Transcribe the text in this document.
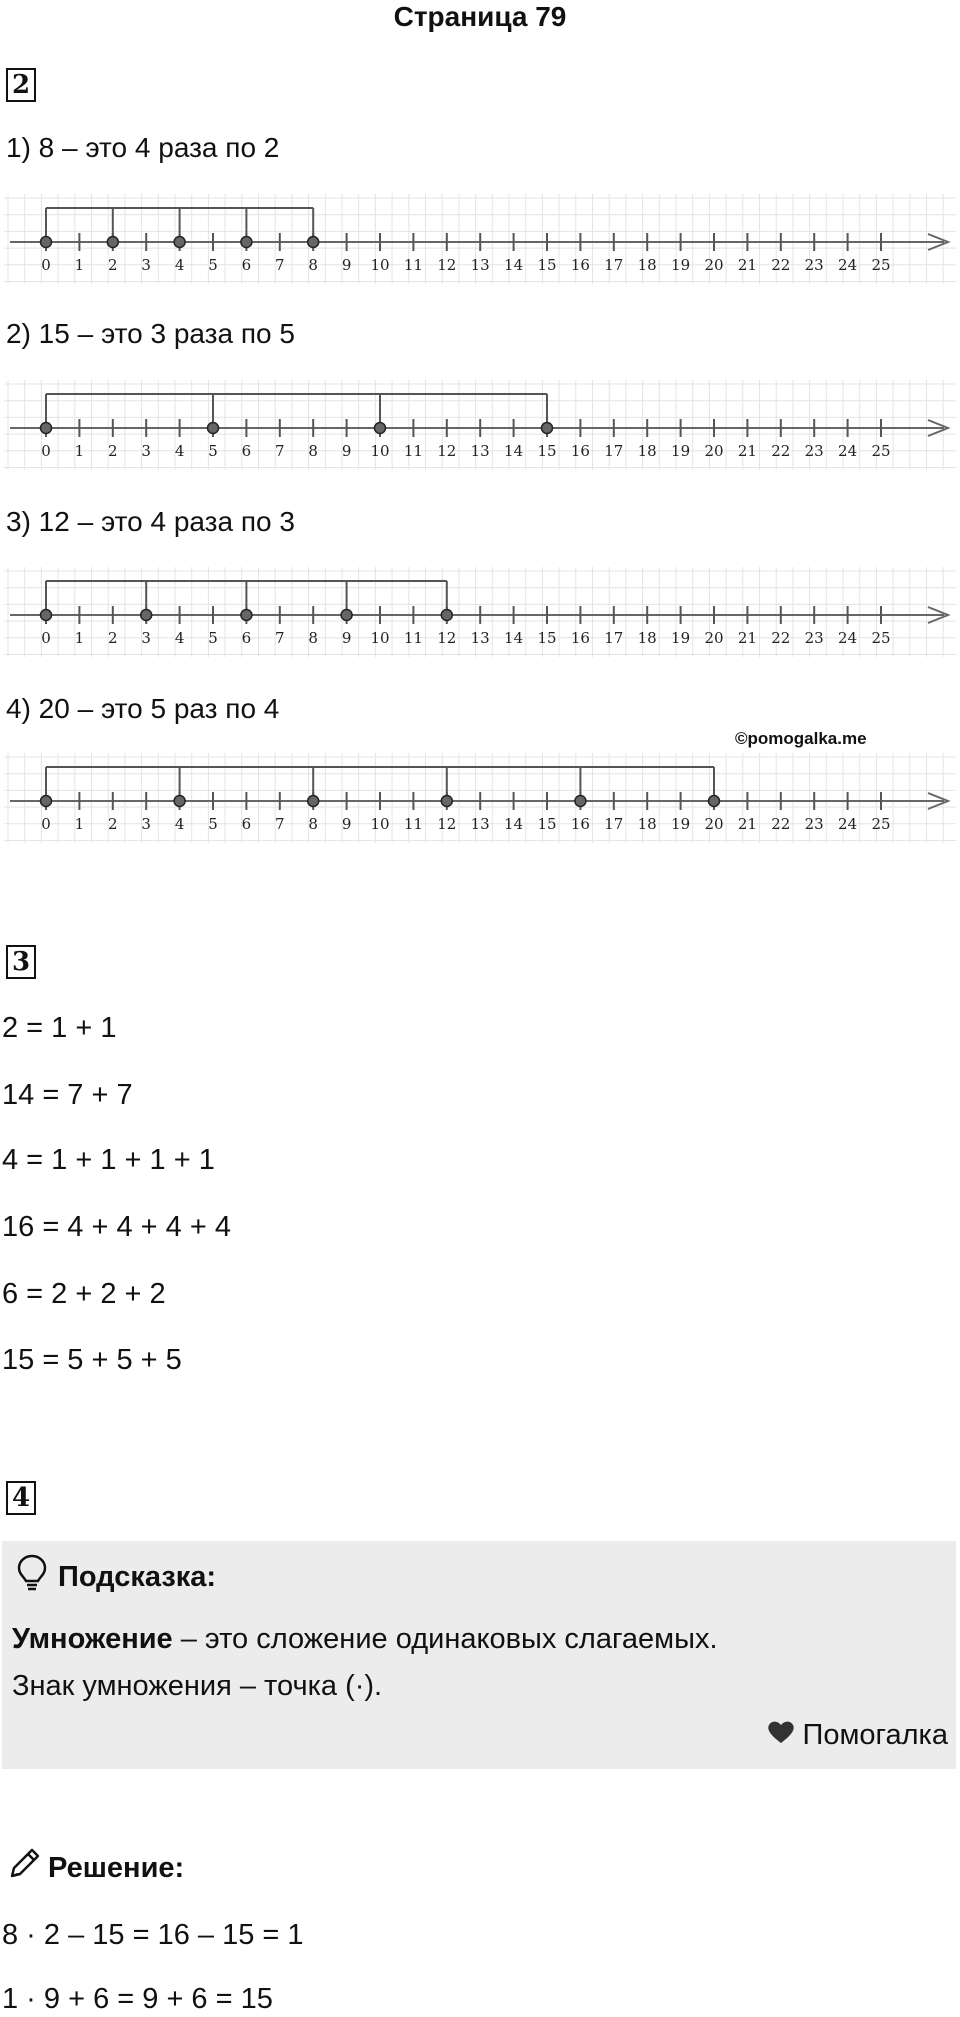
Страница 79
2
1) 8 – это 4 раза по 2
0 1 2 3 4 5 6 7 8 9 10 11 12 13 14 15 16 17 18 19 20 21 22 23 24 25
2) 15 – это 3 раза по 5
0 1 2 3 4 5 6 7 8 9 10 11 12 13 14 15 16 17 18 19 20 21 22 23 24 25
3) 12 – это 4 раза по 3
0 1 2 3 4 5 6 7 8 9 10 11 12 13 14 15 16 17 18 19 20 21 22 23 24 25
4) 20 – это 5 раз по 4
©pomogalka.me
0 1 2 3 4 5 6 7 8 9 10 11 12 13 14 15 16 17 18 19 20 21 22 23 24 25
3
2 = 1 + 1
14 = 7 + 7
4 = 1 + 1 + 1 + 1
16 = 4 + 4 + 4 + 4
6 = 2 + 2 + 2
15 = 5 + 5 + 5
4
Подсказка:
Умножение – это сложение одинаковых слагаемых.
Знак умножения – точка (·).
Помогалка
Решение:
8 · 2 – 15 = 16 – 15 = 1
1 · 9 + 6 = 9 + 6 = 15
